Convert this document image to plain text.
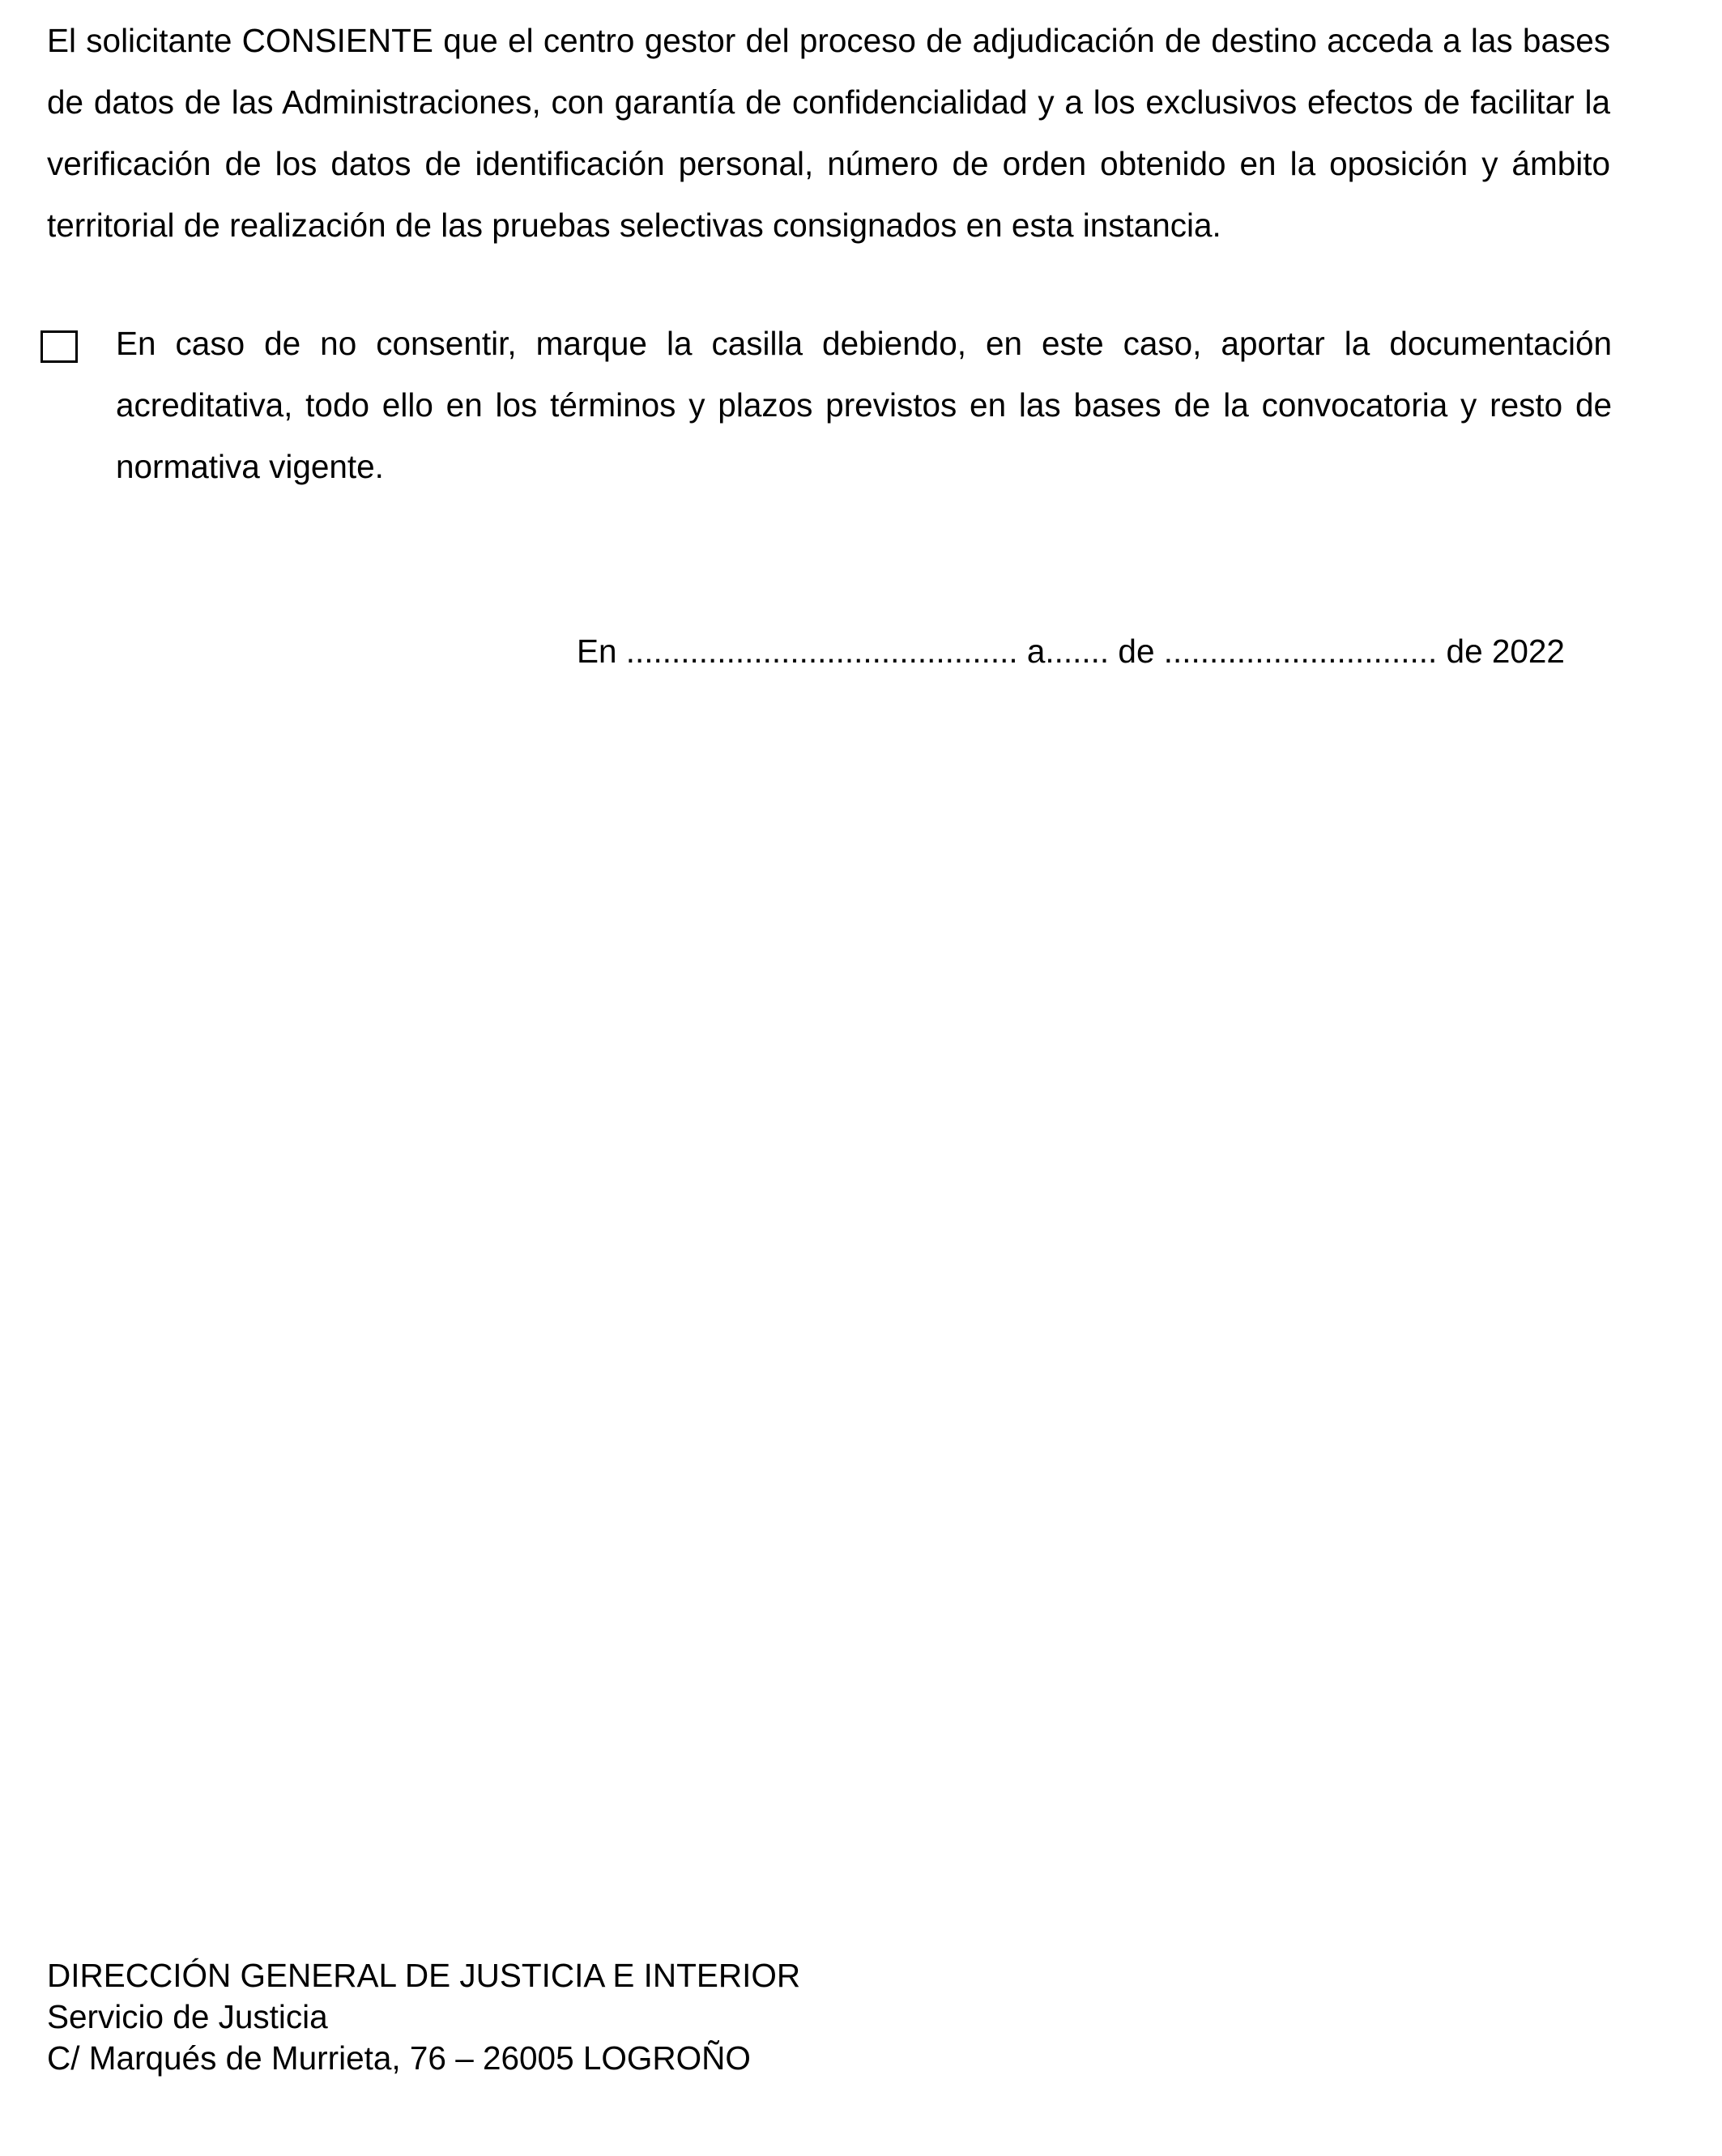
El solicitante CONSIENTE que el centro gestor del proceso de adjudicación de destino acceda a las bases de datos de las Administraciones, con garantía de confidencialidad y a los exclusivos efectos de facilitar la verificación de los datos de identificación personal, número de orden obtenido en la oposición y ámbito territorial de realización de las pruebas selectivas consignados en esta instancia.

En caso de no consentir, marque la casilla debiendo, en este caso, aportar la documentación acreditativa, todo ello en los términos y plazos previstos en las bases de la convocatoria y resto de normativa vigente.

En ........................................... a....... de .............................. de 2022
DIRECCIÓN GENERAL DE JUSTICIA E INTERIOR
Servicio de Justicia
C/ Marqués de Murrieta, 76 – 26005 LOGROÑO
